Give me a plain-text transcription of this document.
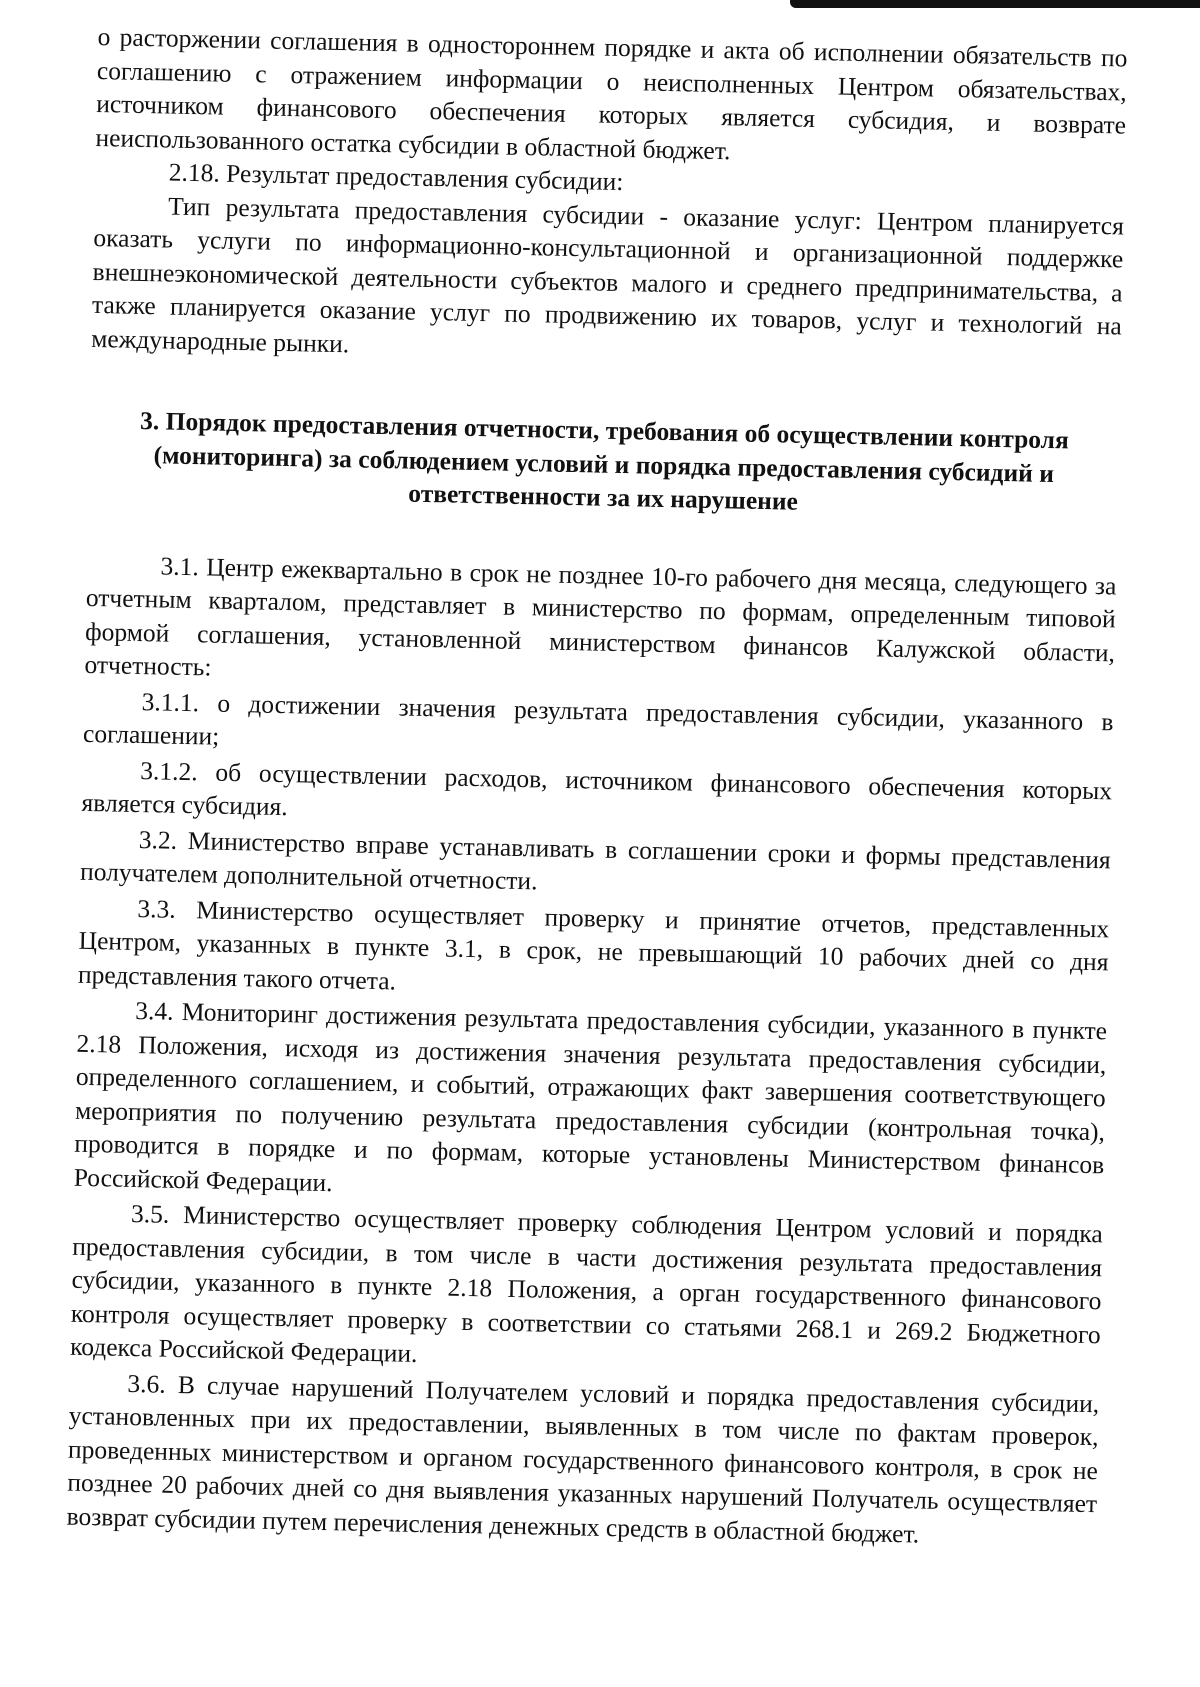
о расторжении соглашения в одностороннем порядке и акта об исполнении обязательств по соглашению с отражением информации о неисполненных Центром обязательствах, источником финансового обеспечения которых является субсидия, и возврате неиспользованного остатка субсидии в областной бюджет.

2.18. Результат предоставления субсидии:

Тип результата предоставления субсидии - оказание услуг: Центром планируется оказать услуги по информационно-консультационной и организационной поддержке внешнеэкономической деятельности субъектов малого и среднего предпринимательства, а также планируется оказание услуг по продвижению их товаров, услуг и технологий на международные рынки.

3. Порядок предоставления отчетности, требования об осуществлении контроля (мониторинга) за соблюдением условий и порядка предоставления субсидий и ответственности за их нарушение

3.1. Центр ежеквартально в срок не позднее 10-го рабочего дня месяца, следующего за отчетным кварталом, представляет в министерство по формам, определенным типовой формой соглашения, установленной министерством финансов Калужской области, отчетность:

3.1.1. о достижении значения результата предоставления субсидии, указанного в соглашении;

3.1.2. об осуществлении расходов, источником финансового обеспечения которых является субсидия.

3.2. Министерство вправе устанавливать в соглашении сроки и формы представления получателем дополнительной отчетности.

3.3. Министерство осуществляет проверку и принятие отчетов, представленных Центром, указанных в пункте 3.1, в срок, не превышающий 10 рабочих дней со дня представления такого отчета.

3.4. Мониторинг достижения результата предоставления субсидии, указанного в пункте 2.18 Положения, исходя из достижения значения результата предоставления субсидии, определенного соглашением, и событий, отражающих факт завершения соответствующего мероприятия по получению результата предоставления субсидии (контрольная точка), проводится в порядке и по формам, которые установлены Министерством финансов Российской Федерации.

3.5. Министерство осуществляет проверку соблюдения Центром условий и порядка предоставления субсидии, в том числе в части достижения результата предоставления субсидии, указанного в пункте 2.18 Положения, а орган государственного финансового контроля осуществляет проверку в соответствии со статьями 268.1 и 269.2 Бюджетного кодекса Российской Федерации.

3.6. В случае нарушений Получателем условий и порядка предоставления субсидии, установленных при их предоставлении, выявленных в том числе по фактам проверок, проведенных министерством и органом государственного финансового контроля, в срок не позднее 20 рабочих дней со дня выявления указанных нарушений Получатель осуществляет возврат субсидии путем перечисления денежных средств в областной бюджет.
